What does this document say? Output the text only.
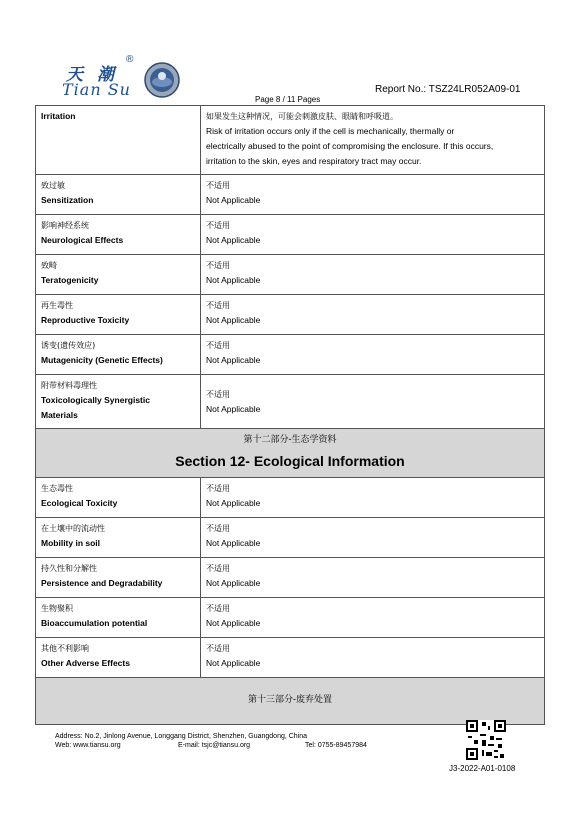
天潮
Tian Su
®
Report No.: TSZ24LR052A09-01
Page 8 / 11 Pages
Irritation	如果发生这种情况，可能会刺激皮肤、眼睛和呼吸道。
Risk of irritation occurs only if the cell is mechanically, thermally or
electrically abused to the point of compromising the enclosure. If this occurs,
irritation to the skin, eyes and respiratory tract may occur.

致过敏
Sensitization	不适用
Not Applicable

影响神经系统
Neurological Effects	不适用
Not Applicable

致畸
Teratogenicity	不适用
Not Applicable

再生毒性
Reproductive Toxicity	不适用
Not Applicable

诱变(遗传效应)
Mutagenicity (Genetic Effects)	不适用
Not Applicable

附带材料毒理性
Toxicologically Synergistic
Materials	不适用
Not Applicable

第十二部分-生态学资料
Section 12- Ecological Information	

生态毒性
Ecological Toxicity	不适用
Not Applicable

在土壤中的流动性
Mobility in soil	不适用
Not Applicable

持久性和分解性
Persistence and Degradability	不适用
Not Applicable

生物聚积
Bioaccumulation potential	不适用
Not Applicable

其他不利影响
Other Adverse Effects	不适用
Not Applicable

第十三部分-废弃处置	
Address: No.2, Jinlong Avenue, Longgang District, Shenzhen, Guangdong, China
Web: www.tiansu.org	E-mail: tsjc@tiansu.org	Tel: 0755-89457984
J3-2022-A01-0108
